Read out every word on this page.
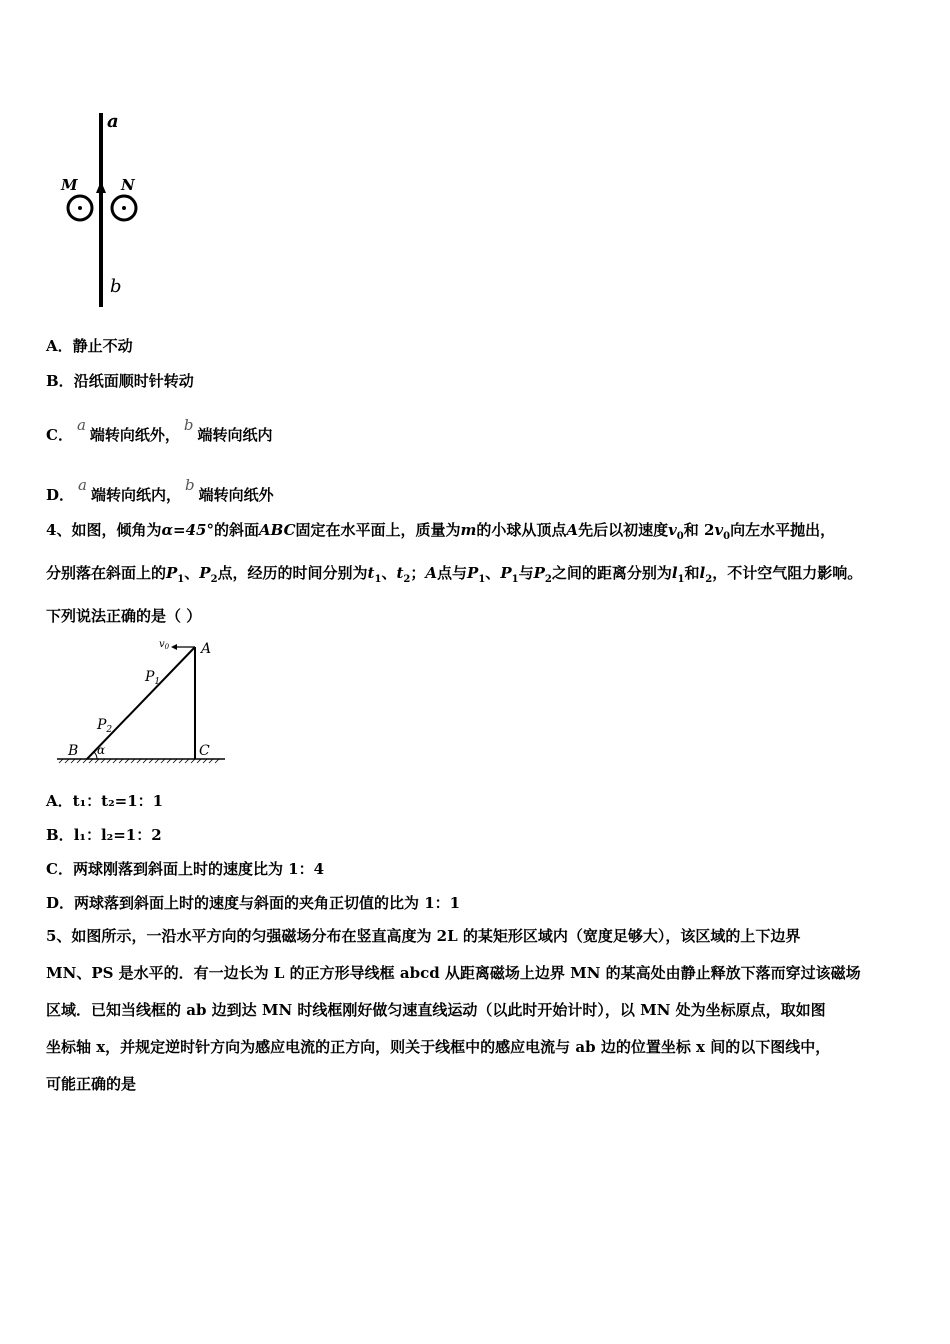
a
b
M	N
A．静止不动
B．沿纸面顺时针转动
C．a端转向纸外，b端转向纸内
D．a端转向纸内，b端转向纸外
4、如图，倾角为α=45°的斜面ABC固定在水平面上，质量为m的小球从顶点A先后以初速度$v_0$和 $2v_0$向左水平抛出，
分别落在斜面上的$P_1$、$P_2$点，经历的时间分别为$t_1$、$t_2$；A点与$P_1$、$P_1$与$P_2$之间的距离分别为$l_1$和$l_2$，不计空气阻力影响。
下列说法正确的是（ ）
A
B	C
α
$P_1$
$P_2$
$v_0$
A．t₁：t₂=1：1
B．l₁：l₂=1：2
C．两球刚落到斜面上时的速度比为 1：4
D．两球落到斜面上时的速度与斜面的夹角正切值的比为 1：1
5、如图所示，一沿水平方向的匀强磁场分布在竖直高度为 2L 的某矩形区域内（宽度足够大），该区域的上下边界
MN、PS 是水平的．有一边长为 L 的正方形导线框 abcd 从距离磁场上边界 MN 的某高处由静止释放下落而穿过该磁场
区域．已知当线框的 ab 边到达 MN 时线框刚好做匀速直线运动（以此时开始计时），以 MN 处为坐标原点，取如图
坐标轴 x，并规定逆时针方向为感应电流的正方向，则关于线框中的感应电流与 ab 边的位置坐标 x 间的以下图线中，
可能正确的是
